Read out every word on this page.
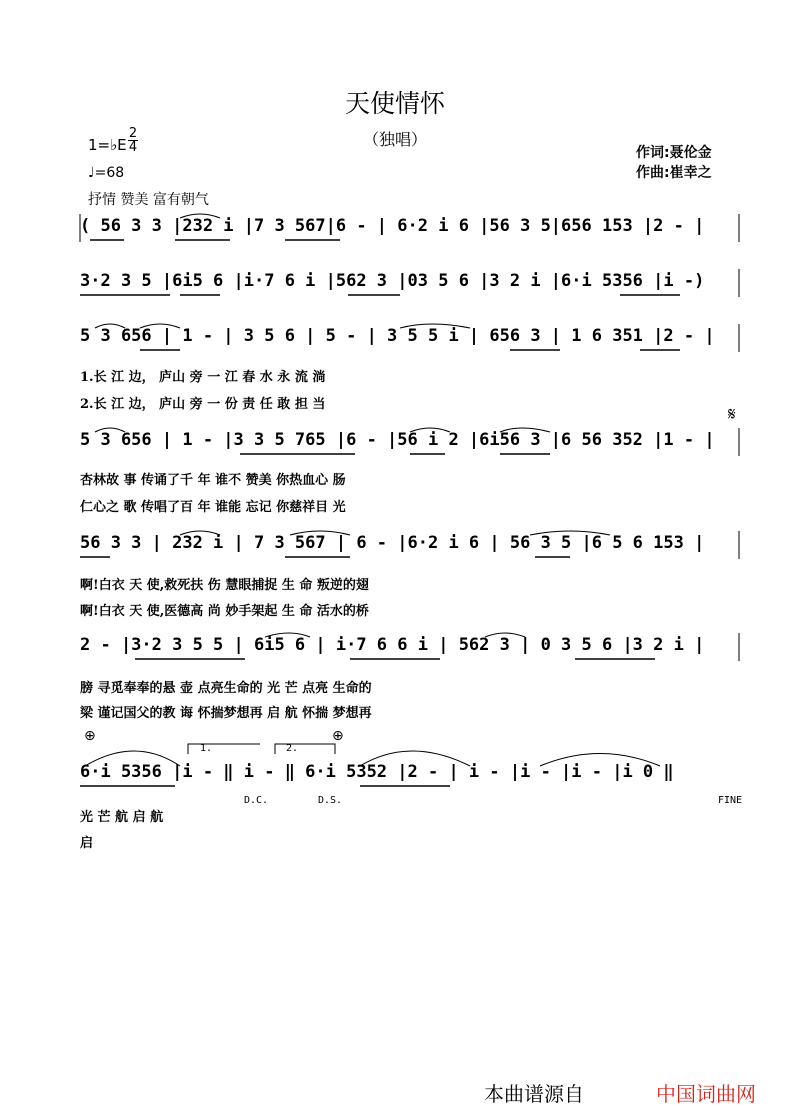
天使情怀
（独唱）
作词:聂伦金
作曲:崔幸之
1=♭E
2
4
♩=68
抒情 赞美 富有朝气
( 56 3 3 |232 i |7 3 567|6 - | 6·2 i 6 |56 3 5|656 153 |2 - |
3·2 3 5 |6i5 6 |i·7 6 i |562 3 |03 5 6 |3 2 i |6·i 5356 |i -)
5 3 656 | 1 - | 3 5 6 | 5 - | 3 5 5 i | 656 3 | 1 6 351 |2 - |
1.长 江 边， 庐山 旁 一 江 春 水 永 流 淌
2.长 江 边， 庐山 旁 一 份 责 任 敢 担 当	𝄋
5 3 656 | 1 - |3 3 5 765 |6 - |56 i 2 |6i56 3 |6 56 352 |1 - |
杏林故 事 传诵了千 年 谁不 赞美 你热血心 肠
仁心之 歌 传唱了百 年 谁能 忘记 你慈祥目 光
56 3 3 | 232 i | 7 3 567 | 6 - |6·2 i 6 | 56 3 5 |6 5 6 153 |
啊!白衣 天 使,救死扶 伤 慧眼捕捉 生 命 叛逆的翅
啊!白衣 天 使,医德高 尚 妙手架起 生 命 活水的桥
2 - |3·2 3 5 5 | 6i5 6 | i·7 6 6 i | 562 3 | 0 3 5 6 |3 2 i |
膀 寻觅奉奉的悬 壶 点亮生命的 光 芒 点亮 生命的
梁 谨记国父的教 诲 怀揣梦想再 启 航 怀揣 梦想再
⊕	⊕
6·i 5356 |i - ‖ i - ‖ 6·i 5352 |2 - | i - |i - |i - |i 0 ‖
1.	2.
D.C.	D.S.	FINE
光 芒 航 启 航
启
本曲谱源自	中国词曲网
